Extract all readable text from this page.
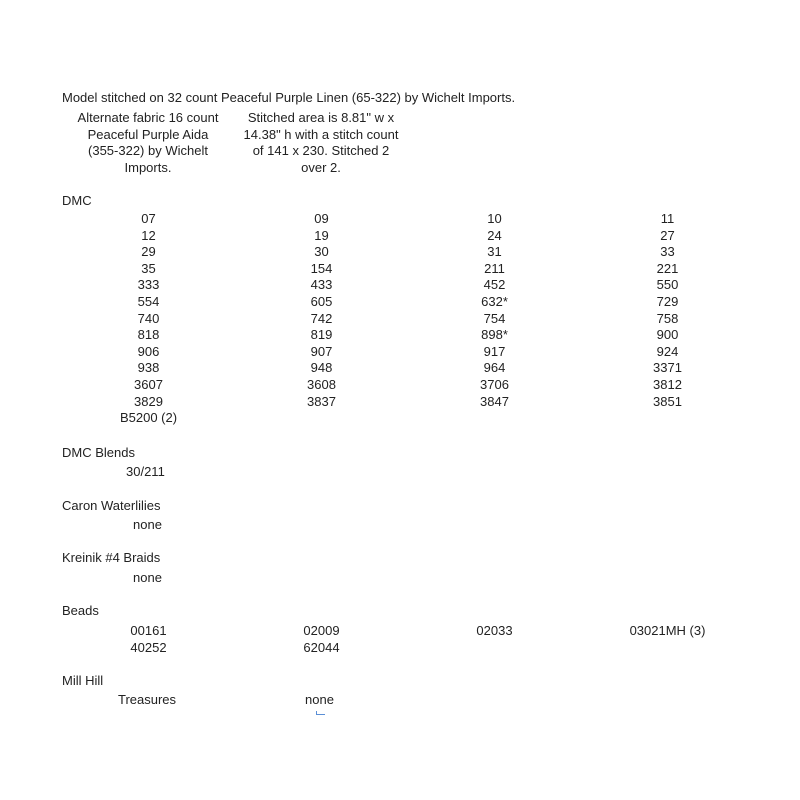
Model stitched on 32 count Peaceful Purple Linen (65-322) by Wichelt Imports.
Alternate fabric 16 count
Peaceful Purple Aida
(355-322) by Wichelt
Imports.
Stitched area is 8.81" w x
14.38" h with a stitch count
of 141 x 230. Stitched 2
over 2.
DMC
07	09	10	11
12	19	24	27
29	30	31	33
35	154	211	221
333	433	452	550
554	605	632*	729
740	742	754	758
818	819	898*	900
906	907	917	924
938	948	964	3371
3607	3608	3706	3812
3829	3837	3847	3851
B5200 (2)
DMC Blends
30/211
Caron Waterlilies
none
Kreinik #4 Braids
none
Beads
00161	02009	02033	03021MH (3)
40252	62044
Mill Hill
Treasures	none
